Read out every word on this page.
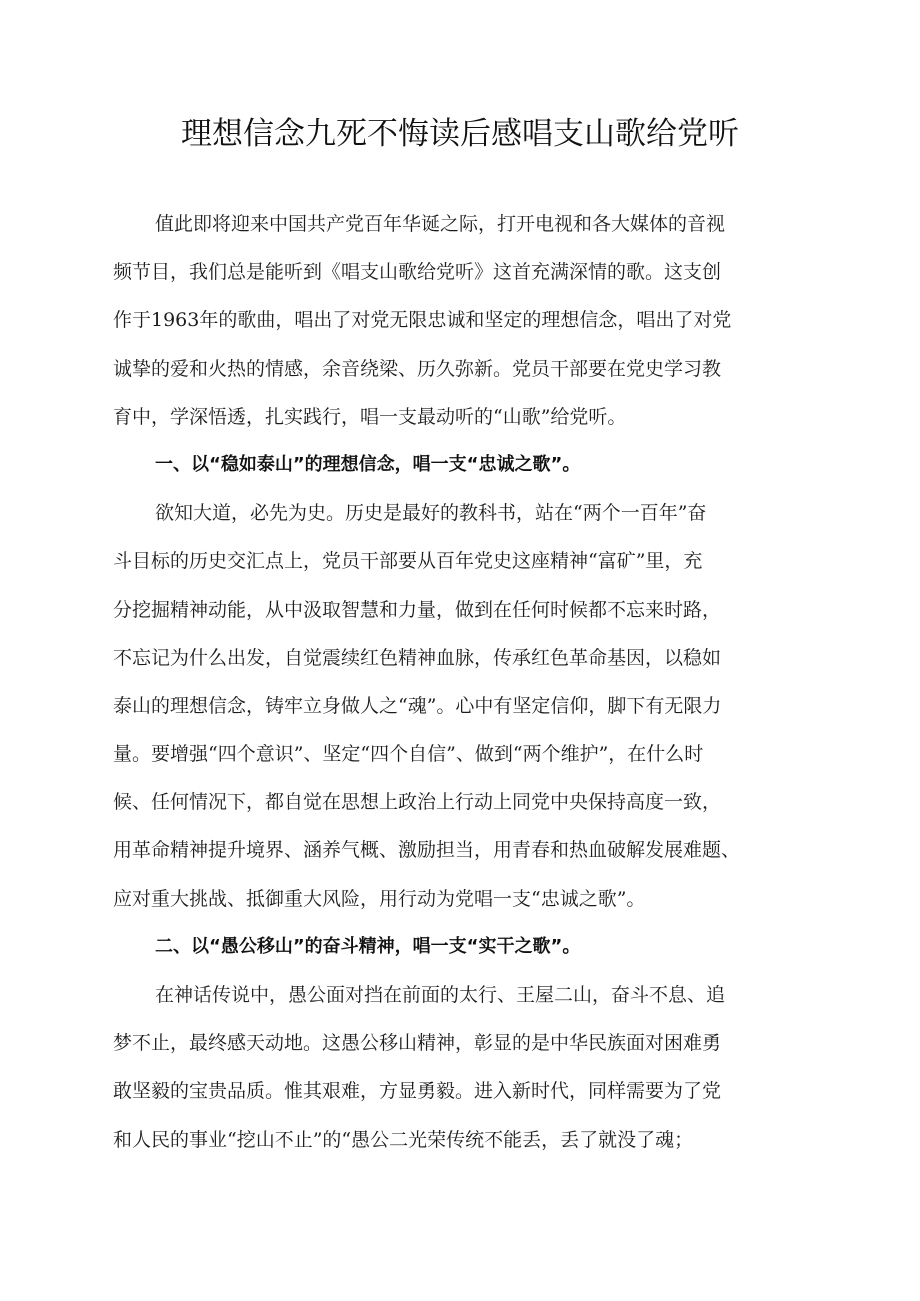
理想信念九死不悔读后感唱支山歌给党听
值此即将迎来中国共产党百年华诞之际，打开电视和各大媒体的音视
频节目，我们总是能听到《唱支山歌给党听》这首充满深情的歌。这支创
作于1963年的歌曲，唱出了对党无限忠诚和坚定的理想信念，唱出了对党
诚挚的爱和火热的情感，余音绕梁、历久弥新。党员干部要在党史学习教
育中，学深悟透，扎实践行，唱一支最动听的“山歌”给党听。
一、以“稳如泰山”的理想信念，唱一支“忠诚之歌”。
欲知大道，必先为史。历史是最好的教科书，站在“两个一百年”奋
斗目标的历史交汇点上，党员干部要从百年党史这座精神“富矿”里，充
分挖掘精神动能，从中汲取智慧和力量，做到在任何时候都不忘来时路，
不忘记为什么出发，自觉震续红色精神血脉，传承红色革命基因，以稳如
泰山的理想信念，铸牢立身做人之“魂”。心中有坚定信仰，脚下有无限力
量。要增强“四个意识”、坚定“四个自信”、做到“两个维护”，在什么时
候、任何情况下，都自觉在思想上政治上行动上同党中央保持高度一致，
用革命精神提升境界、涵养气概、激励担当，用青春和热血破解发展难题、
应对重大挑战、抵御重大风险，用行动为党唱一支“忠诚之歌”。
二、以“愚公移山”的奋斗精神，唱一支“实干之歌”。
在神话传说中，愚公面对挡在前面的太行、王屋二山，奋斗不息、追
梦不止，最终感天动地。这愚公移山精神，彰显的是中华民族面对困难勇
敢坚毅的宝贵品质。惟其艰难，方显勇毅。进入新时代，同样需要为了党
和人民的事业“挖山不止”的“愚公二光荣传统不能丢，丢了就没了魂；
